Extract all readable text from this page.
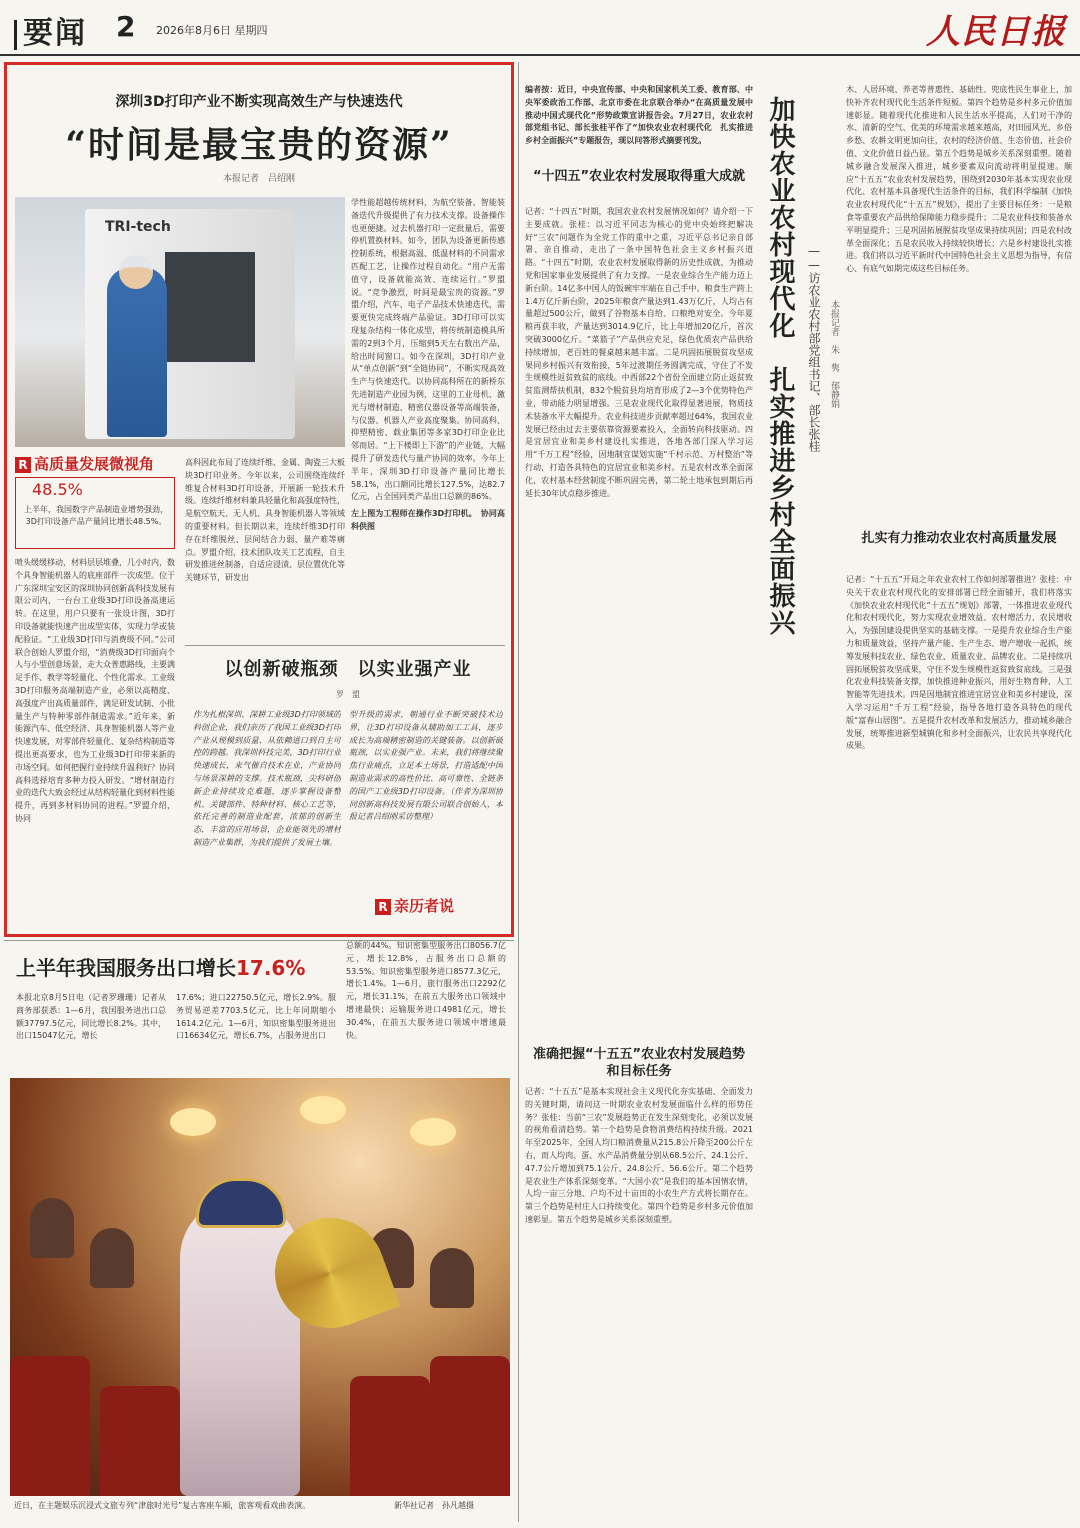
要闻 2 2026年8月6日 星期四	人民日报
深圳3D打印产业不断实现高效生产与快速迭代
“时间是最宝贵的资源”
本报记者　吕绍刚
TRI-tech
学性能超越传统材料，为航空装备、智能装备迭代升级提供了有力技术支撑。设备操作也更便捷。过去机器打印一定批量后，需要停机置换材料。如今，团队为设备更新传感控制系统，根据高温、低温材料的不同需求匹配工艺，让操作过程自动化。“用户无需值守，设备就能高效、连续运行。”罗盟说。“竞争激烈，时间是最宝贵的资源。”罗盟介绍，汽车、电子产品技术快速迭代，需要更快完成终端产品验证。3D打印可以实现复杂结构一体化成型，将传统制造模具所需的2到3个月，压缩到5天左右数出产品，给出时间窗口。如今在深圳，3D打印产业从“单点创新”到“全链协同”，不断实现高效生产与快速迭代。以协同高科所在的新桥东先进制造产业园为例，这里的工业母机、激光与增材制造、精密仪器设备等高端装备，与仪器、机器人产业高度聚集。协同高科、抑塑精密、载业集团等多家3D打印企业比邻而居。“上下楼即上下游”的产业链，大幅提升了研发迭代与量产协同的效率。今年上半年，深圳3D打印设备产量同比增长58.1%，出口额同比增长127.5%，达82.7亿元，占全国同类产品出口总额的86%。
左上图为工程师在操作3D打印机。　协同高科供图
高科因此布局了连续纤维、金属、陶瓷三大板块3D打印业务。今年以来，公司围绕连续纤维复合材料3D打印设备，开展新一轮技术升级。连续纤维材料兼具轻量化和高强度特性，是航空航天、无人机、具身智能机器人等领域的重要材料。但长期以来，连续纤维3D打印存在纤维脱丝、层间结合力弱、量产难等痛点。罗盟介绍，技术团队攻关工艺流程，自主研发推进丝制备，自适应浸渍、层位置优化等关键环节，研发出
R 高质量发展微视角
48.5%
上半年，我国数字产品制造业增势强劲，3D打印设备产品产量同比增长48.5%。
喷头缓缓移动，材料层层堆叠，几小时内，数个具身智能机器人的底座部件一次成型。位于广东深圳宝安区的深圳协同创新高科技发展有限公司内，一台台工业级3D打印设备高速运转。在这里，用户只要有一张设计图，3D打印设备就能快速产出成型实体，实现力学或装配验证。“工业级3D打印与消费级不同。”公司联合创始人罗盟介绍，“消费级3D打印面向个人与小型创意场景，走大众普惠路线，主要满足手作、教学等轻量化、个性化需求。工业级3D打印服务高端制造产业，必须以高精度、高强度产出高质量部件，满足研发试制、小批量生产与特种零部件制造需求。”近年来，新能源汽车、低空经济、具身智能机器人等产业快速发展，对零部件轻量化、复杂结构制造等提出更高要求，也为工业级3D打印带来新的市场空间。如何把握行业持续升温利好？协同高科选择培育多种力投入研发。“增材制造行业的迭代大致会经过从结构轻量化到材料性能提升，再到多材料协同的进程。”罗盟介绍，协同
以创新破瓶颈　以实业强产业
罗　盟
作为扎根深圳、深耕工业级3D打印领域的科创企业，我们亲历了我国工业级3D打印产业从规模到质量、从依赖进口到自主可控的跨越。我深圳科技完美，3D打印行业快速成长，来气催自技术在业，产业协同与场景深耕的支撑。技术瓶颈，尖科研创新企业持续攻克难题，逐步掌握设备整机、关键部件、特种材料、核心工艺等，依托完善的制造业配套，浓郁的创新生态，丰富的应用场景，企业能领先的增材制造产业集群，为我们提供了发展土壤。
型升级的需求，朝通行业不断突破技术边界，让3D打印设备从辅助加工工具，逐步成长为高端精密制造的关键装备。以创新破瓶颈，以实业强产业。未来，我们将继续聚焦行业痛点，立足本土场景，打造适配中国制造业需求的高性价比、高可靠性、全链条的国产工业级3D打印设备。（作者为深圳协同创新高科技发展有限公司联合创始人，本报记者吕绍刚采访整理）
R 亲历者说
上半年我国服务出口增长17.6%
本报北京8月5日电（记者罗珊珊）记者从商务部获悉：1—6月，我国服务进出口总额37797.5亿元，同比增长8.2%。其中，出口15047亿元，增长
17.6%；进口22750.5亿元，增长2.9%。服务贸易逆差7703.5亿元，比上年同期缩小1614.2亿元。1—6月，知识密集型服务进出口16634亿元，增长6.7%，占服务进出口
总额的44%。知识密集型服务出口8056.7亿元，增长12.8%，占服务出口总额的53.5%。知识密集型服务进口8577.3亿元，增长1.4%。1—6月，旅行服务出口2292亿元，增长31.1%，在前五大服务出口领域中增速最快；运输服务进口4981亿元，增长30.4%，在前五大服务进口领域中增速最快。
近日，在主题娱乐沉浸式文旅专列“津旅时光号”复古客座车厢，旅客观看戏曲表演。	新华社记者　孙凡越摄
编者按：近日，中央宣传部、中央和国家机关工委、教育部、中央军委政治工作部、北京市委在北京联合举办“在高质量发展中推动中国式现代化”形势政策宣讲报告会。7月27日，农业农村部党组书记、部长张桂平作了“加快农业农村现代化　扎实推进乡村全面振兴”专题报告，现以问答形式摘要刊发。
“十四五”农业农村发展取得重大成就
记者：“十四五”时期，我国农业农村发展情况如何？请介绍一下主要成就。张桂：以习近平同志为核心的党中央始终把解决好“三农”问题作为全党工作的重中之重，习近平总书记亲自部署、亲自推动，走出了一条中国特色社会主义乡村振兴道路。“十四五”时期，农业农村发展取得新的历史性成就，为推动党和国家事业发展提供了有力支撑。一是农业综合生产能力迈上新台阶。14亿多中国人的饭碗牢牢端在自己手中。粮食生产跨上1.4万亿斤新台阶，2025年粮食产量达到1.43万亿斤，人均占有量超过500公斤，做到了谷物基本自给、口粮绝对安全。今年夏粮再获丰收，产量达到3014.9亿斤，比上年增加20亿斤，首次突破3000亿斤。“菜篮子”产品供应充足，绿色优质农产品供给持续增加，老百姓的餐桌越来越丰富。二是巩固拓展脱贫攻坚成果同乡村振兴有效衔接，5年过渡期任务圆满完成，守住了不发生规模性返贫致贫的底线。中西部22个省份全面建立防止返贫致贫监测帮扶机制，832个脱贫县均培育形成了2—3个优势特色产业，带动能力明显增强。三是农业现代化取得显著进展，物质技术装备水平大幅提升。农业科技进步贡献率超过64%，我国农业发展已经由过去主要依靠资源要素投入，全面转向科技驱动。四是宜居宜业和美乡村建设扎实推进，各地各部门深入学习运用“千万工程”经验，因地制宜谋划实施“千村示范、万村整治”等行动，打造各具特色的宜居宜业和美乡村。五是农村改革全面深化，农村基本经营制度不断巩固完善，第二轮土地承包到期后再延长30年试点稳步推进。
准确把握“十五五”农业农村发展趋势和目标任务
记者：“十五五”是基本实现社会主义现代化夯实基础、全面发力的关键时期，请问这一时期农业农村发展面临什么样的形势任务？张桂：当前“三农”发展趋势正在发生深刻变化，必须以发展的视角看清趋势。第一个趋势是食物消费结构持续升级。2021年至2025年，全国人均口粮消费量从215.8公斤降至200公斤左右，而人均肉、蛋、水产品消费量分别从68.5公斤、24.1公斤、47.7公斤增加到75.1公斤、24.8公斤、56.6公斤。第二个趋势是农业生产体系深刻变革。“大国小农”是我们的基本国情农情，人均一亩三分地、户均不过十亩田的小农生产方式将长期存在。第三个趋势是村庄人口持续变化。第四个趋势是乡村多元价值加速彰显。第五个趋势是城乡关系深刻重塑。
加快农业农村现代化　扎实推进乡村全面振兴	——访农业农村部党组书记、部长张桂 本报记者　朱　隽　郁静娟
木、人居环境、养老等普惠性、基础性、兜底性民生事业上，加快补齐农村现代化生活条件短板。第四个趋势是乡村多元价值加速彰显。随着现代化推进和人民生活水平提高，人们对干净的水、清新的空气、优美的环境需求越来越高，对田园风光、乡俗乡愁、农耕文明更加向往，农村的经济价值、生态价值、社会价值、文化价值日益凸显。第五个趋势是城乡关系深刻重塑。随着城乡融合发展深入推进，城乡要素双向流动将明显提速。顺应“十五五”农业农村发展趋势，围绕到2030年基本实现农业现代化、农村基本具备现代生活条件的目标，我们科学编制《加快农业农村现代化“十五五”规划》，提出了主要目标任务：一是粮食等重要农产品供给保障能力稳步提升；二是农业科技和装备水平明显提升；三是巩固拓展脱贫攻坚成果持续巩固；四是农村改革全面深化；五是农民收入持续较快增长；六是乡村建设扎实推进。我们将以习近平新时代中国特色社会主义思想为指导，有信心、有底气如期完成这些目标任务。
扎实有力推动农业农村高质量发展
记者：“十五五”开局之年农业农村工作如何部署推进？张桂：中央关于农业农村现代化的安排部署已经全面铺开，我们将落实《加快农业农村现代化“十五五”规划》部署，一体推进农业现代化和农村现代化，努力实现农业增效益、农村增活力、农民增收入，为强国建设提供坚实的基础支撑。一是提升农业综合生产能力和质量效益，坚持产量产能、生产生态、增产增收一起抓，统筹发展科技农业、绿色农业、质量农业、品牌农业。二是持续巩固拓展脱贫攻坚成果，守住不发生规模性返贫致贫底线。三是强化农业科技装备支撑，加快推进种业振兴，用好生物育种、人工智能等先进技术。四是因地制宜推进宜居宜业和美乡村建设，深入学习运用“千万工程”经验，指导各地打造各具特色的现代版“富春山居图”。五是提升农村改革和发展活力，推动城乡融合发展，统筹推进新型城镇化和乡村全面振兴，让农民共享现代化成果。
